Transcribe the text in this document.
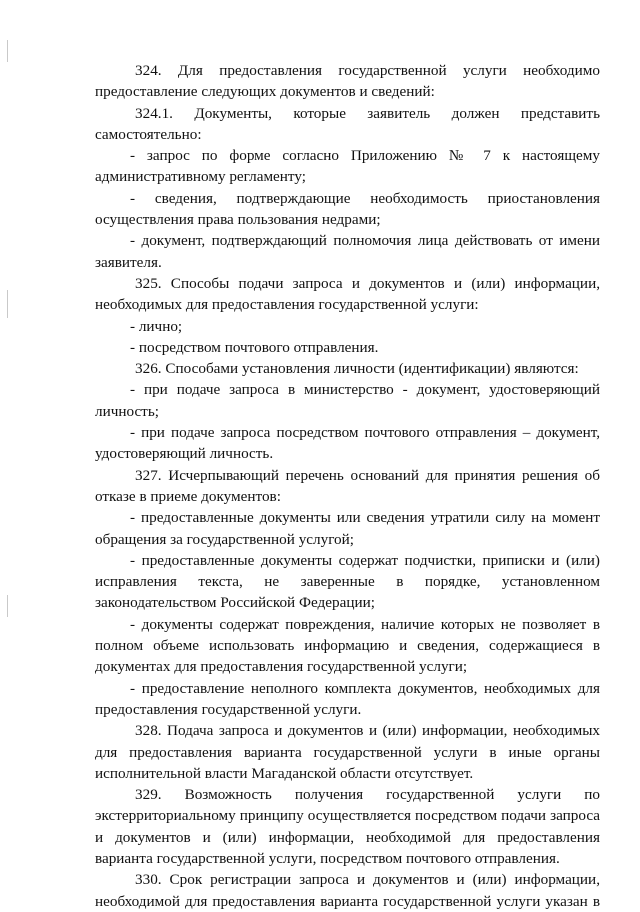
324. Для предоставления государственной услуги необходимо предоставление следующих документов и сведений:

324.1. Документы, которые заявитель должен представить самостоятельно:

- запрос по форме согласно Приложению № 7 к настоящему административному регламенту;

- сведения, подтверждающие необходимость приостановления осуществления права пользования недрами;

- документ, подтверждающий полномочия лица действовать от имени заявителя.

325. Способы подачи запроса и документов и (или) информации, необходимых для предоставления государственной услуги:

- лично;

- посредством почтового отправления.

326. Способами установления личности (идентификации) являются:

- при подаче запроса в министерство - документ, удостоверяющий личность;

- при подаче запроса посредством почтового отправления – документ, удостоверяющий личность.

327. Исчерпывающий перечень оснований для принятия решения об отказе в приеме документов:

- предоставленные документы или сведения утратили силу на момент обращения за государственной услугой;

- предоставленные документы содержат подчистки, приписки и (или) исправления текста, не заверенные в порядке, установленном законодательством Российской Федерации;

- документы содержат повреждения, наличие которых не позволяет в полном объеме использовать информацию и сведения, содержащиеся в документах для предоставления государственной услуги;

- предоставление неполного комплекта документов, необходимых для предоставления государственной услуги.

328. Подача запроса и документов и (или) информации, необходимых для предоставления варианта государственной услуги в иные органы исполнительной власти Магаданской области отсутствует.

329. Возможность получения государственной услуги по экстерриториальному принципу осуществляется посредством подачи запроса и документов и (или) информации, необходимой для предоставления варианта государственной услуги, посредством почтового отправления.

330. Срок регистрации запроса и документов и (или) информации, необходимой для предоставления варианта государственной услуги указан в
